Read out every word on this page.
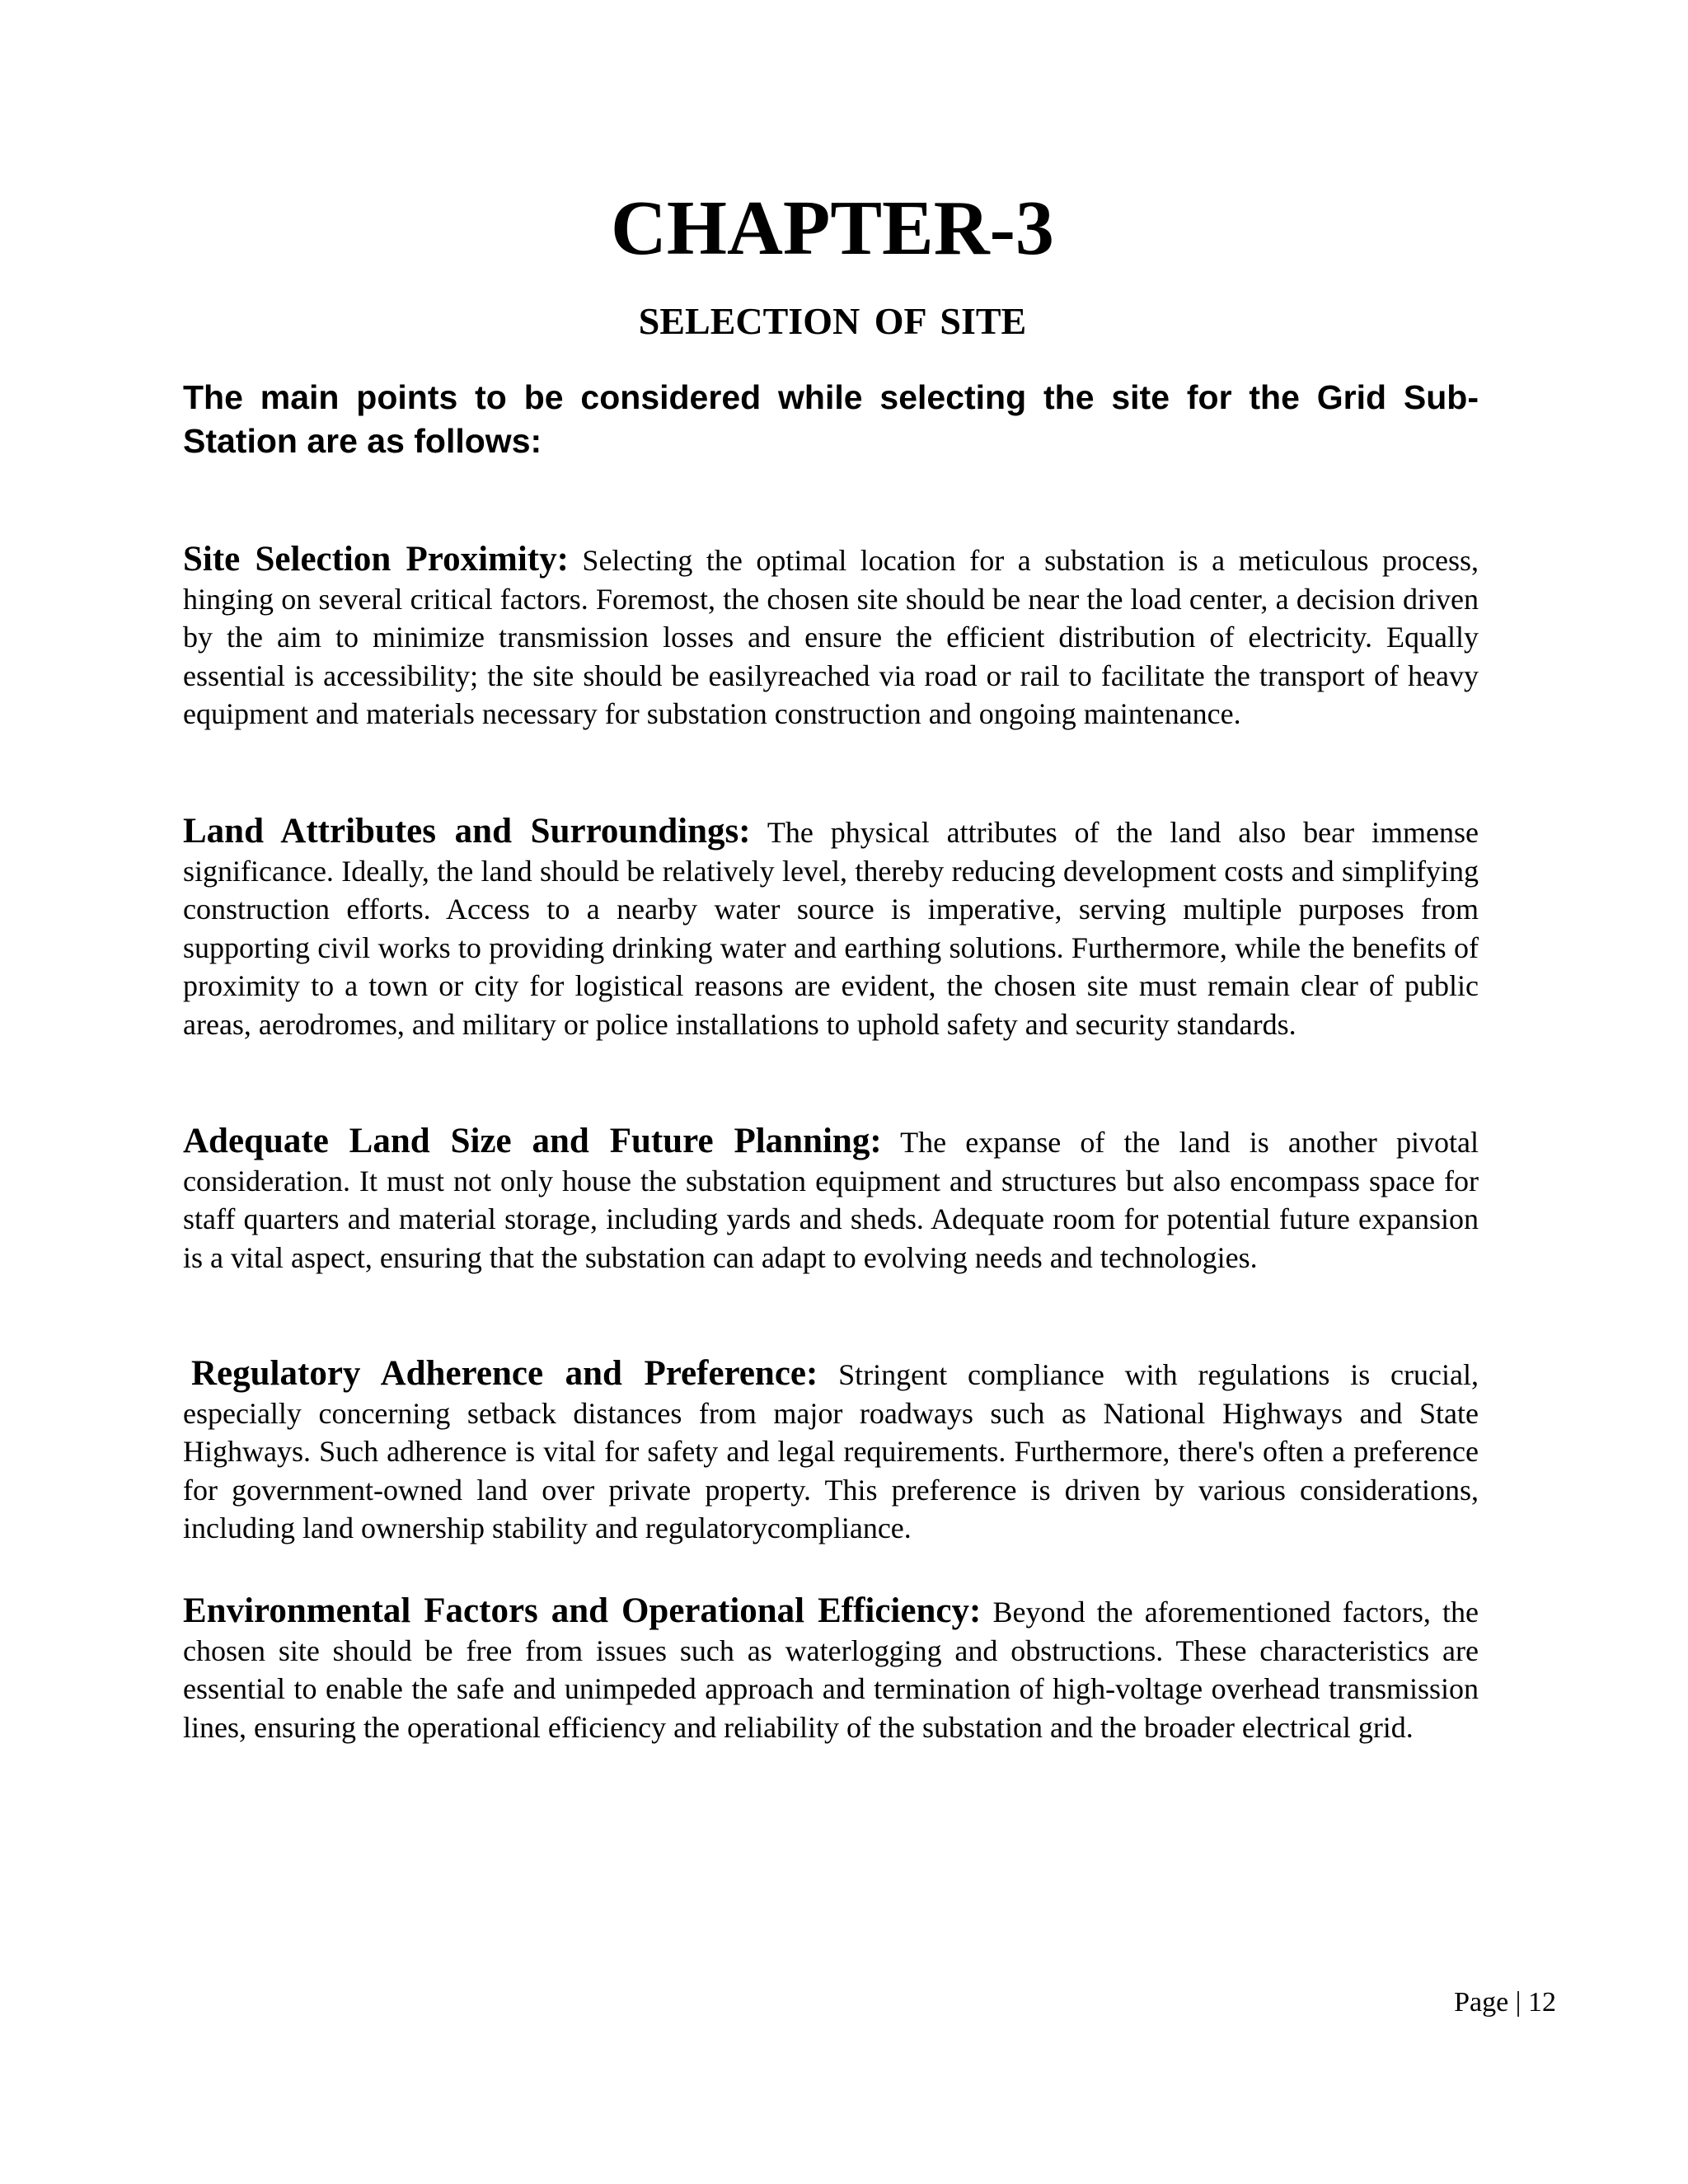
CHAPTER-3
SELECTION OF SITE

The main points to be considered while selecting the site for the Grid Sub-Station are as follows:

Site Selection Proximity: Selecting the optimal location for a substation is a meticulous process, hinging on several critical factors. Foremost, the chosen site should be near the load center, a decision driven by the aim to minimize transmission losses and ensure the efficient distribution of electricity. Equally essential is accessibility; the site should be easilyreached via road or rail to facilitate the transport of heavy equipment and materials necessary for substation construction and ongoing maintenance.

Land Attributes and Surroundings: The physical attributes of the land also bear immense significance. Ideally, the land should be relatively level, thereby reducing development costs and simplifying construction efforts. Access to a nearby water source is imperative, serving multiple purposes from supporting civil works to providing drinking water and earthing solutions. Furthermore, while the benefits of proximity to a town or city for logistical reasons are evident, the chosen site must remain clear of public areas, aerodromes, and military or police installations to uphold safety and security standards.

Adequate Land Size and Future Planning: The expanse of the land is another pivotal consideration. It must not only house the substation equipment and structures but also encompass space for staff quarters and material storage, including yards and sheds. Adequate room for potential future expansion is a vital aspect, ensuring that the substation can adapt to evolving needs and technologies.

Regulatory Adherence and Preference: Stringent compliance with regulations is crucial, especially concerning setback distances from major roadways such as National Highways and State Highways. Such adherence is vital for safety and legal requirements. Furthermore, there's often a preference for government-owned land over private property. This preference is driven by various considerations, including land ownership stability and regulatorycompliance.

Environmental Factors and Operational Efficiency: Beyond the aforementioned factors, the chosen site should be free from issues such as waterlogging and obstructions. These characteristics are essential to enable the safe and unimpeded approach and termination of high-voltage overhead transmission lines, ensuring the operational efficiency and reliability of the substation and the broader electrical grid.

Page | 12
